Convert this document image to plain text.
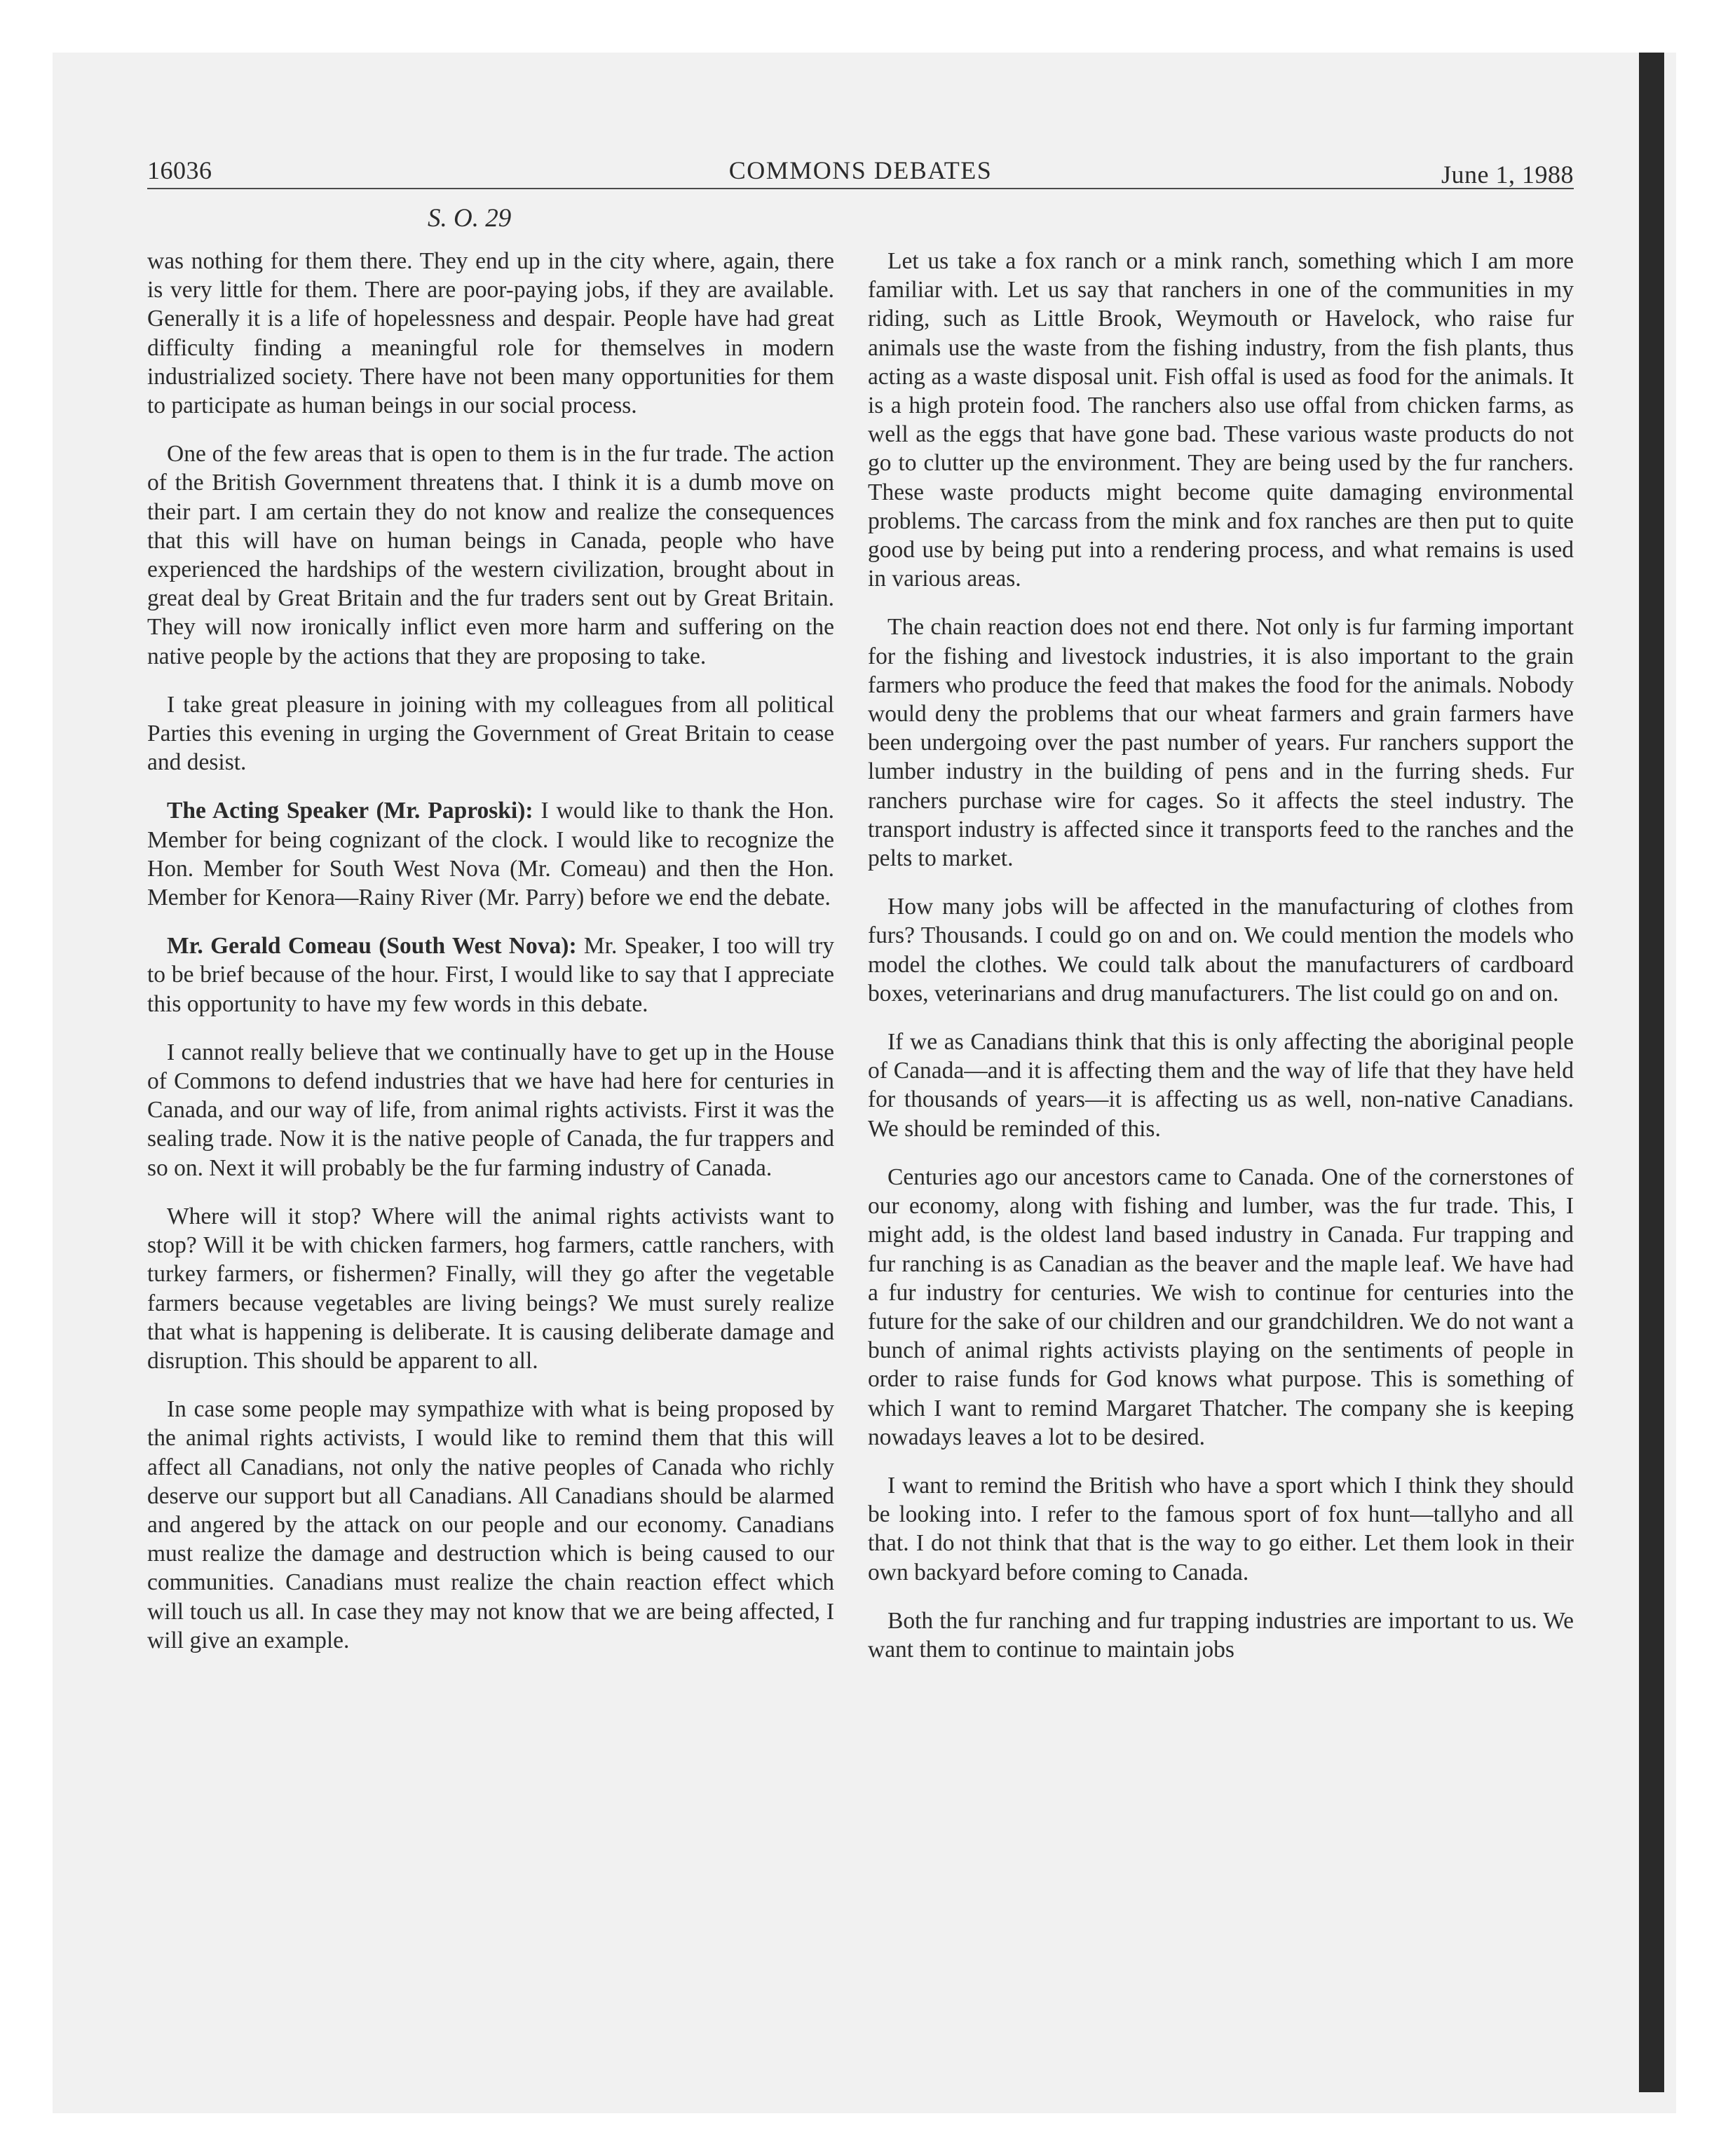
16036	COMMONS DEBATES	June 1, 1988
S. O. 29

was nothing for them there. They end up in the city where, again, there is very little for them. There are poor-paying jobs, if they are available. Generally it is a life of hopelessness and despair. People have had great difficulty finding a meaningful role for themselves in modern industrialized society. There have not been many opportunities for them to participate as human beings in our social process.

One of the few areas that is open to them is in the fur trade. The action of the British Government threatens that. I think it is a dumb move on their part. I am certain they do not know and realize the consequences that this will have on human beings in Canada, people who have experienced the hardships of the western civilization, brought about in great deal by Great Britain and the fur traders sent out by Great Britain. They will now ironically inflict even more harm and suffering on the native people by the actions that they are proposing to take.

I take great pleasure in joining with my colleagues from all political Parties this evening in urging the Government of Great Britain to cease and desist.

The Acting Speaker (Mr. Paproski): I would like to thank the Hon. Member for being cognizant of the clock. I would like to recognize the Hon. Member for South West Nova (Mr. Comeau) and then the Hon. Member for Kenora—Rainy River (Mr. Parry) before we end the debate.

Mr. Gerald Comeau (South West Nova): Mr. Speaker, I too will try to be brief because of the hour. First, I would like to say that I appreciate this opportunity to have my few words in this debate.

I cannot really believe that we continually have to get up in the House of Commons to defend industries that we have had here for centuries in Canada, and our way of life, from animal rights activists. First it was the sealing trade. Now it is the native people of Canada, the fur trappers and so on. Next it will probably be the fur farming industry of Canada.

Where will it stop? Where will the animal rights activists want to stop? Will it be with chicken farmers, hog farmers, cattle ranchers, with turkey farmers, or fishermen? Finally, will they go after the vegetable farmers because vegetables are living beings? We must surely realize that what is happening is deliberate. It is causing deliberate damage and disruption. This should be apparent to all.

In case some people may sympathize with what is being proposed by the animal rights activists, I would like to remind them that this will affect all Canadians, not only the native peoples of Canada who richly deserve our support but all Canadians. All Canadians should be alarmed and angered by the attack on our people and our economy. Canadians must realize the damage and destruction which is being caused to our communities. Canadians must realize the chain reaction effect which will touch us all. In case they may not know that we are being affected, I will give an example.

Let us take a fox ranch or a mink ranch, something which I am more familiar with. Let us say that ranchers in one of the communities in my riding, such as Little Brook, Weymouth or Havelock, who raise fur animals use the waste from the fishing industry, from the fish plants, thus acting as a waste disposal unit. Fish offal is used as food for the animals. It is a high protein food. The ranchers also use offal from chicken farms, as well as the eggs that have gone bad. These various waste products do not go to clutter up the environment. They are being used by the fur ranchers. These waste products might become quite damaging environmental problems. The carcass from the mink and fox ranches are then put to quite good use by being put into a rendering process, and what remains is used in various areas.

The chain reaction does not end there. Not only is fur farming important for the fishing and livestock industries, it is also important to the grain farmers who produce the feed that makes the food for the animals. Nobody would deny the problems that our wheat farmers and grain farmers have been undergoing over the past number of years. Fur ranchers support the lumber industry in the building of pens and in the furring sheds. Fur ranchers purchase wire for cages. So it affects the steel industry. The transport industry is affected since it transports feed to the ranches and the pelts to market.

How many jobs will be affected in the manufacturing of clothes from furs? Thousands. I could go on and on. We could mention the models who model the clothes. We could talk about the manufacturers of cardboard boxes, veterinarians and drug manufacturers. The list could go on and on.

If we as Canadians think that this is only affecting the aboriginal people of Canada—and it is affecting them and the way of life that they have held for thousands of years—it is affecting us as well, non-native Canadians. We should be reminded of this.

Centuries ago our ancestors came to Canada. One of the cornerstones of our economy, along with fishing and lumber, was the fur trade. This, I might add, is the oldest land based industry in Canada. Fur trapping and fur ranching is as Canadian as the beaver and the maple leaf. We have had a fur industry for centuries. We wish to continue for centuries into the future for the sake of our children and our grandchildren. We do not want a bunch of animal rights activists playing on the sentiments of people in order to raise funds for God knows what purpose. This is something of which I want to remind Margaret Thatcher. The company she is keeping nowadays leaves a lot to be desired.

I want to remind the British who have a sport which I think they should be looking into. I refer to the famous sport of fox hunt—tallyho and all that. I do not think that that is the way to go either. Let them look in their own backyard before coming to Canada.

Both the fur ranching and fur trapping industries are important to us. We want them to continue to maintain jobs
